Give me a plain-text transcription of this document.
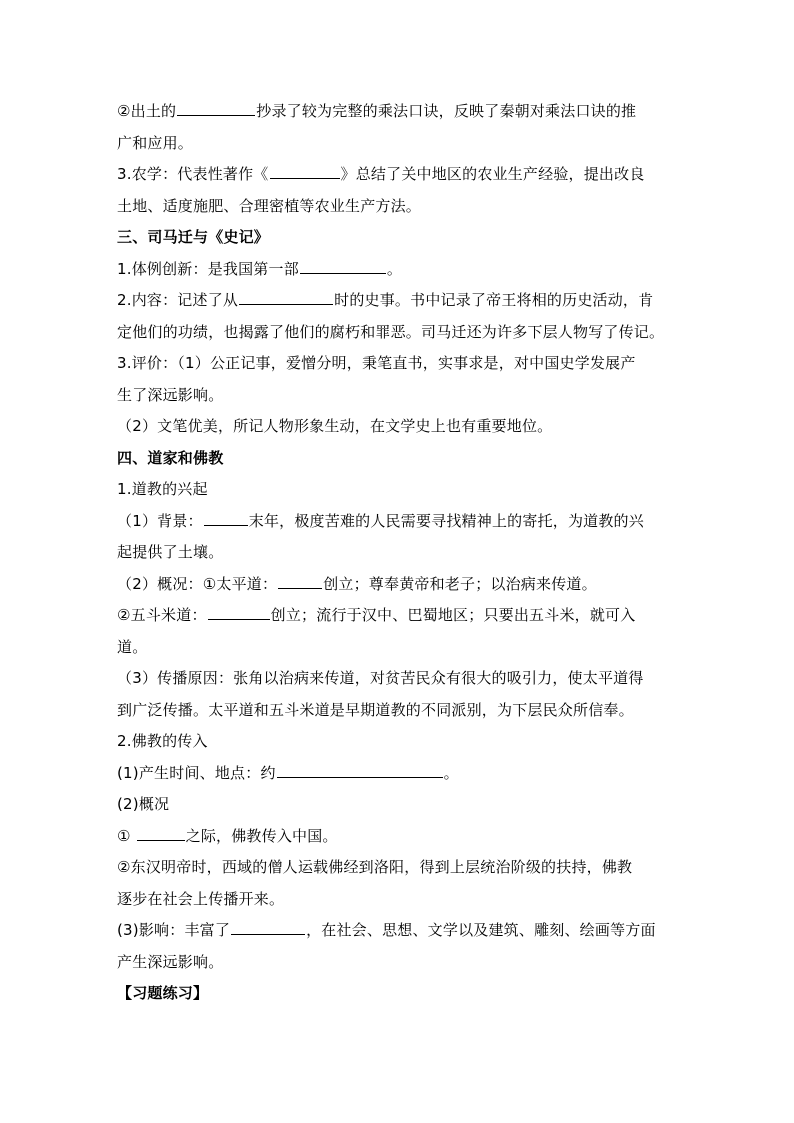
②出土的	抄录了较为完整的乘法口诀，反映了秦朝对乘法口诀的推
广和应用。
3.农学：代表性著作《	》总结了关中地区的农业生产经验，提出改良
土地、适度施肥、合理密植等农业生产方法。
三、司马迁与《史记》
1.体例创新：是我国第一部	。
2.内容：记述了从	时的史事。书中记录了帝王将相的历史活动，肯
定他们的功绩，也揭露了他们的腐朽和罪恶。司马迁还为许多下层人物写了传记。
3.评价：（1）公正记事，爱憎分明，秉笔直书，实事求是，对中国史学发展产
生了深远影响。
（2）文笔优美，所记人物形象生动，在文学史上也有重要地位。
四、道家和佛教
1.道教的兴起
（1）背景：	末年，极度苦难的人民需要寻找精神上的寄托，为道教的兴
起提供了土壤。
（2）概况：①太平道：	创立；尊奉黄帝和老子；以治病来传道。
②五斗米道：	创立；流行于汉中、巴蜀地区；只要出五斗米，就可入
道。
（3）传播原因：张角以治病来传道，对贫苦民众有很大的吸引力，使太平道得
到广泛传播。太平道和五斗米道是早期道教的不同派别，为下层民众所信奉。
2.佛教的传入
(1)产生时间、地点：约	。
(2)概况
①	之际，佛教传入中国。
②东汉明帝时，西域的僧人运载佛经到洛阳，得到上层统治阶级的扶持，佛教
逐步在社会上传播开来。
(3)影响：丰富了	，在社会、思想、文学以及建筑、雕刻、绘画等方面
产生深远影响。
【习题练习】
